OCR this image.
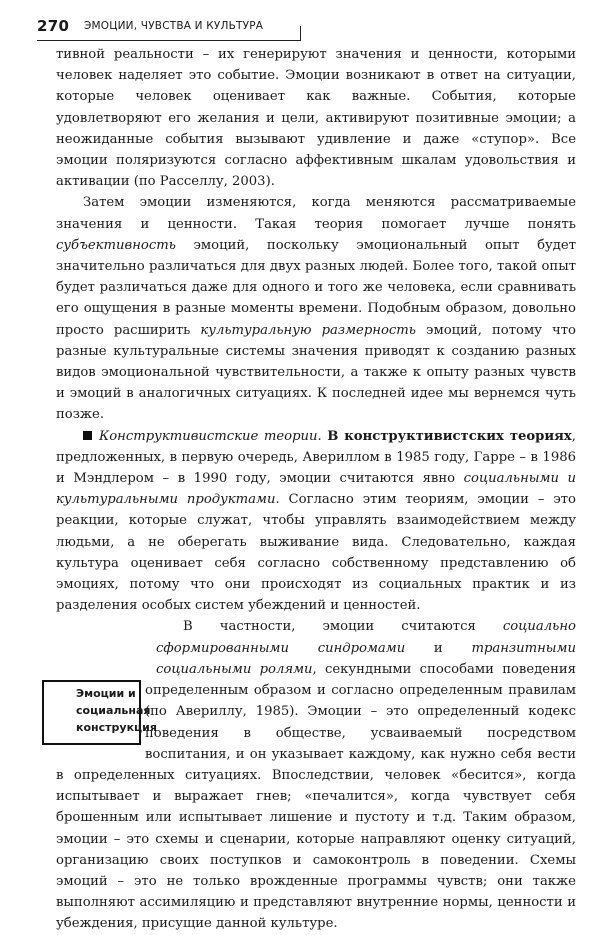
270 ЭМОЦИИ, ЧУВСТВА И КУЛЬТУРА

тивной реальности – их генерируют значения и ценности, которыми человек наделяет это событие. Эмоции возникают в ответ на ситуации, которые человек оценивает как важные. События, которые удовлетворяют его желания и цели, активируют позитивные эмоции; а неожиданные события вызывают удивление и даже «ступор». Все эмоции поляризуются согласно аффективным шкалам удовольствия и активации (по Расселлу, 2003).

Затем эмоции изменяются, когда меняются рассматриваемые значения и ценности. Такая теория помогает лучше понять субъективность эмоций, поскольку эмоциональный опыт будет значительно различаться для двух разных людей. Более того, такой опыт будет различаться даже для одного и того же человека, если сравнивать его ощущения в разные моменты времени. Подобным образом, довольно просто расширить культуральную размерность эмоций, потому что разные культуральные системы значения приводят к созданию разных видов эмоциональной чувствительности, а также к опыту разных чувств и эмоций в аналогичных ситуациях. К последней идее мы вернемся чуть позже.

Конструктивистские теории. В конструктивистских теориях, предложенных, в первую очередь, Авериллом в 1985 году, Гарре – в 1986 и Мэндлером – в 1990 году, эмоции считаются явно социальными и культуральными продуктами. Согласно этим теориям, эмоции – это реакции, которые служат, чтобы управлять взаимодействием между людьми, а не оберегать выживание вида. Следовательно, каждая культура оценивает себя согласно собственному представлению об эмоциях, потому что они происходят из социальных практик и из разделения особых систем убеждений и ценностей.

Эмоции и
социальная
конструкция
В частности, эмоции считаются социально сформированными синдромами и транзитными социальными ролями, секундными способами поведения определенным образом и согласно определенным правилам (по Авериллу, 1985). Эмоции – это определенный кодекс поведения в обществе, усваиваемый посредством воспитания, и он указывает каждому, как нужно себя вести в определенных ситуациях. Впоследствии, человек «бесится», когда испытывает и выражает гнев; «печалится», когда чувствует себя брошенным или испытывает лишение и пустоту и т.д. Таким образом, эмоции – это схемы и сценарии, которые направляют оценку ситуаций, организацию своих поступков и самоконтроль в поведении. Схемы эмоций – это не только врожденные программы чувств; они также выполняют ассимиляцию и представляют внутренние нормы, ценности и убеждения, присущие данной культуре.
